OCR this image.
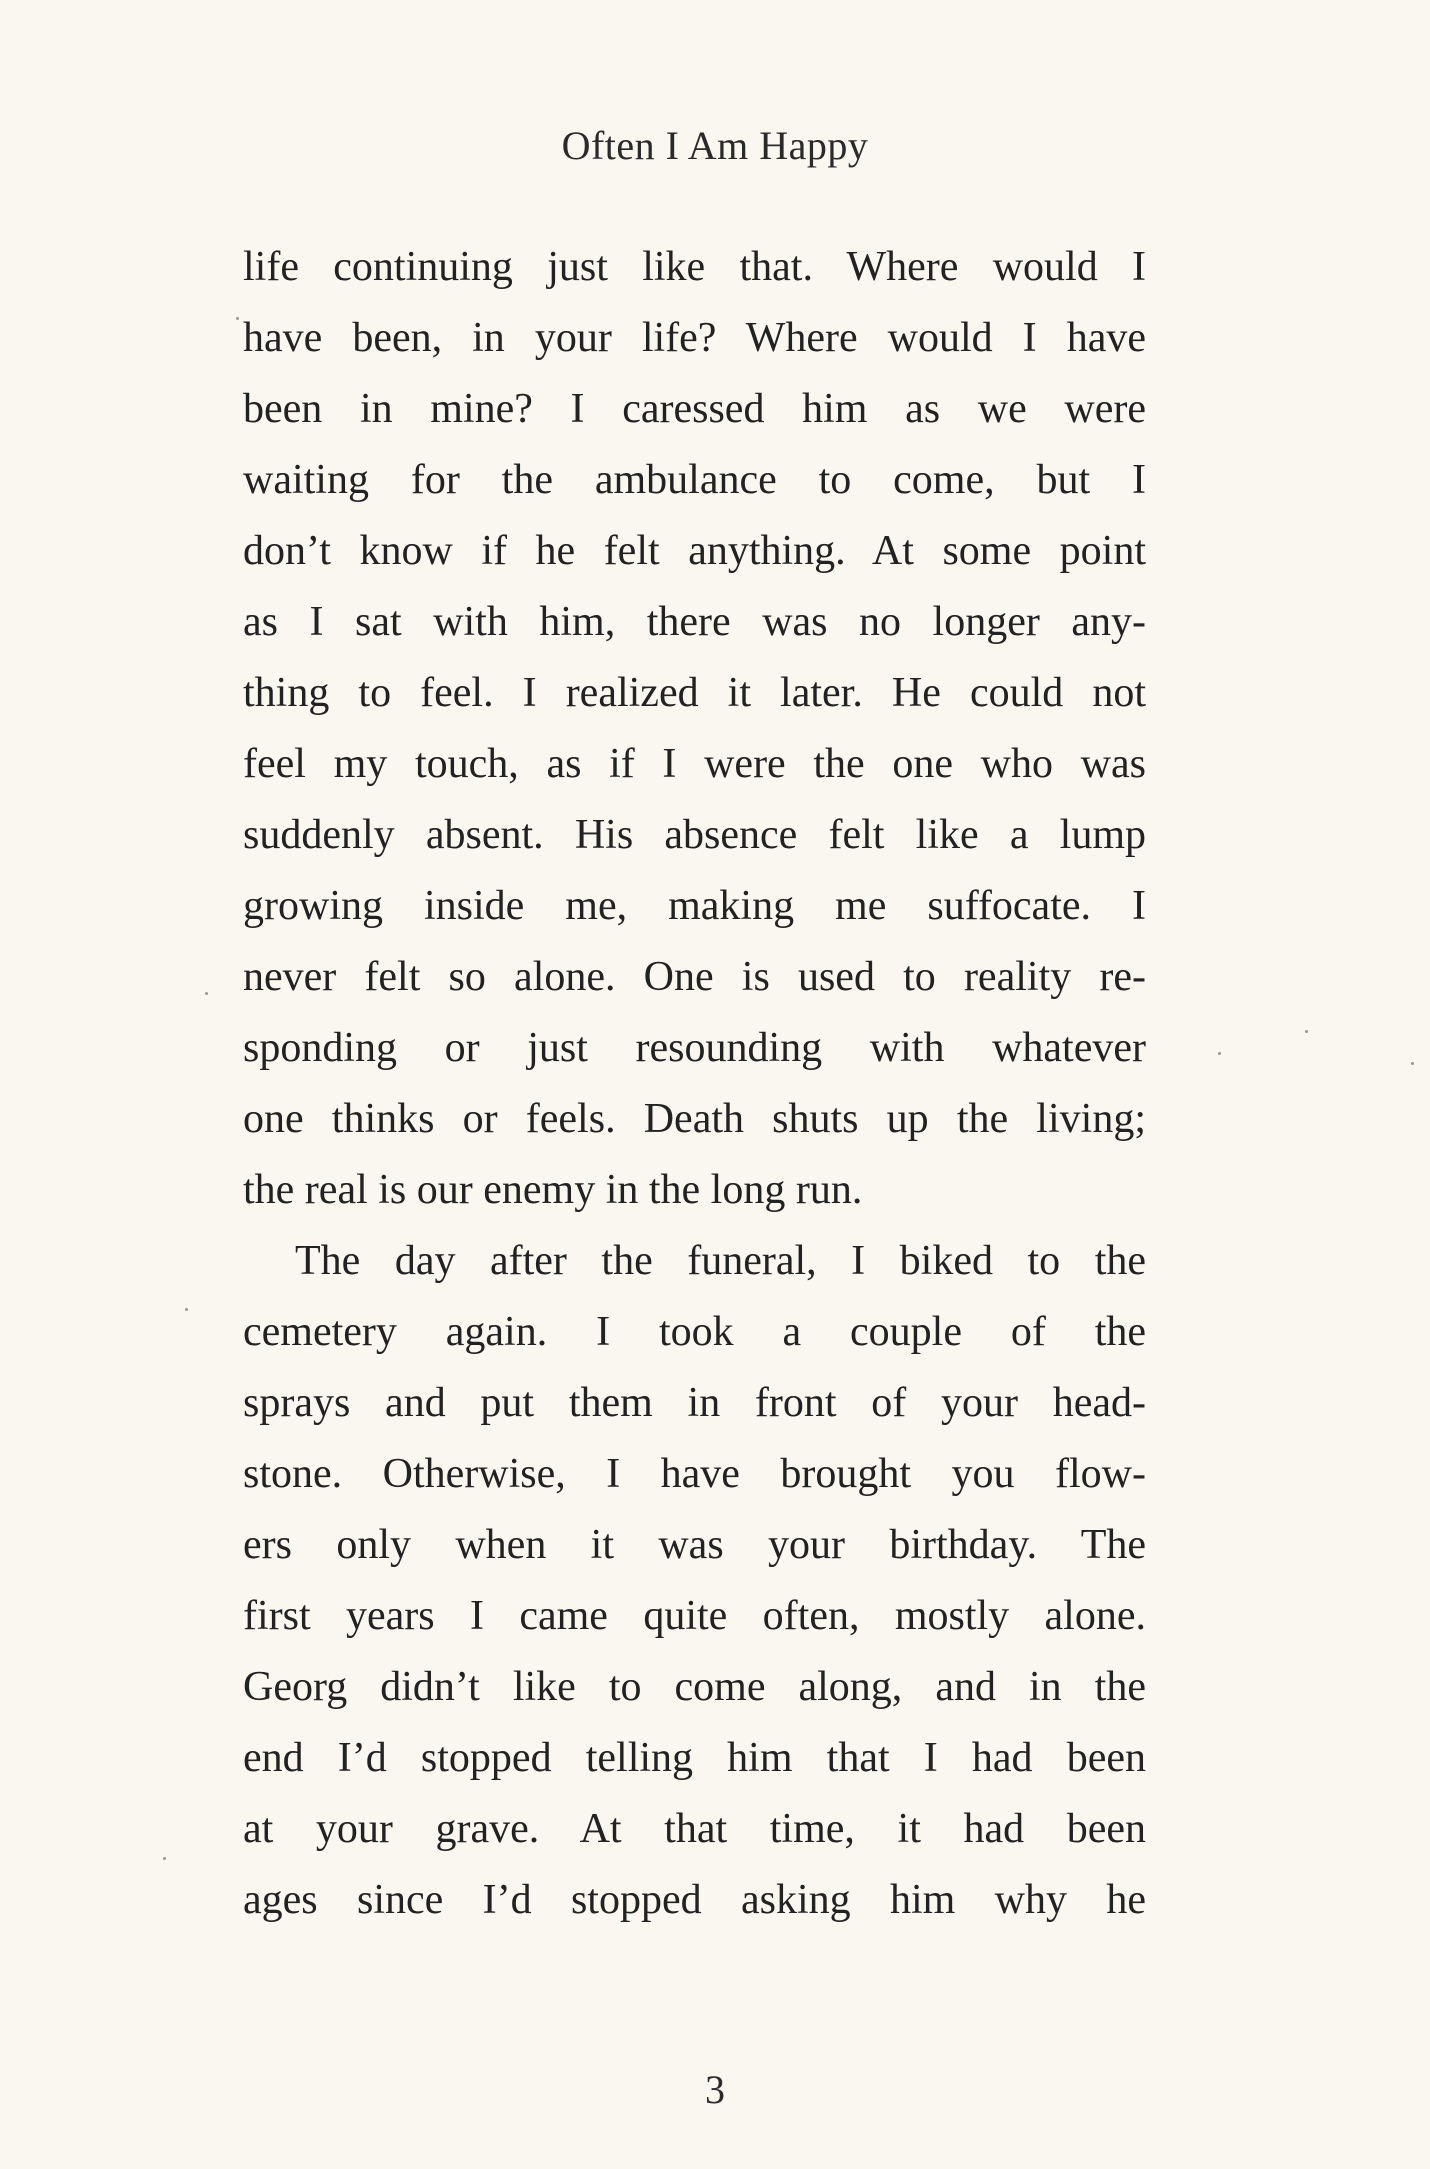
Often I Am Happy
life continuing just like that. Where would I
have been, in your life? Where would I have
been in mine? I caressed him as we were
waiting for the ambulance to come, but I
don’t know if he felt anything. At some point
as I sat with him, there was no longer any-
thing to feel. I realized it later. He could not
feel my touch, as if I were the one who was
suddenly absent. His absence felt like a lump
growing inside me, making me suffocate. I
never felt so alone. One is used to reality re-
sponding or just resounding with whatever
one thinks or feels. Death shuts up the living;
the real is our enemy in the long run.
The day after the funeral, I biked to the
cemetery again. I took a couple of the
sprays and put them in front of your head-
stone. Otherwise, I have brought you flow-
ers only when it was your birthday. The
first years I came quite often, mostly alone.
Georg didn’t like to come along, and in the
end I’d stopped telling him that I had been
at your grave. At that time, it had been
ages since I’d stopped asking him why he
3
